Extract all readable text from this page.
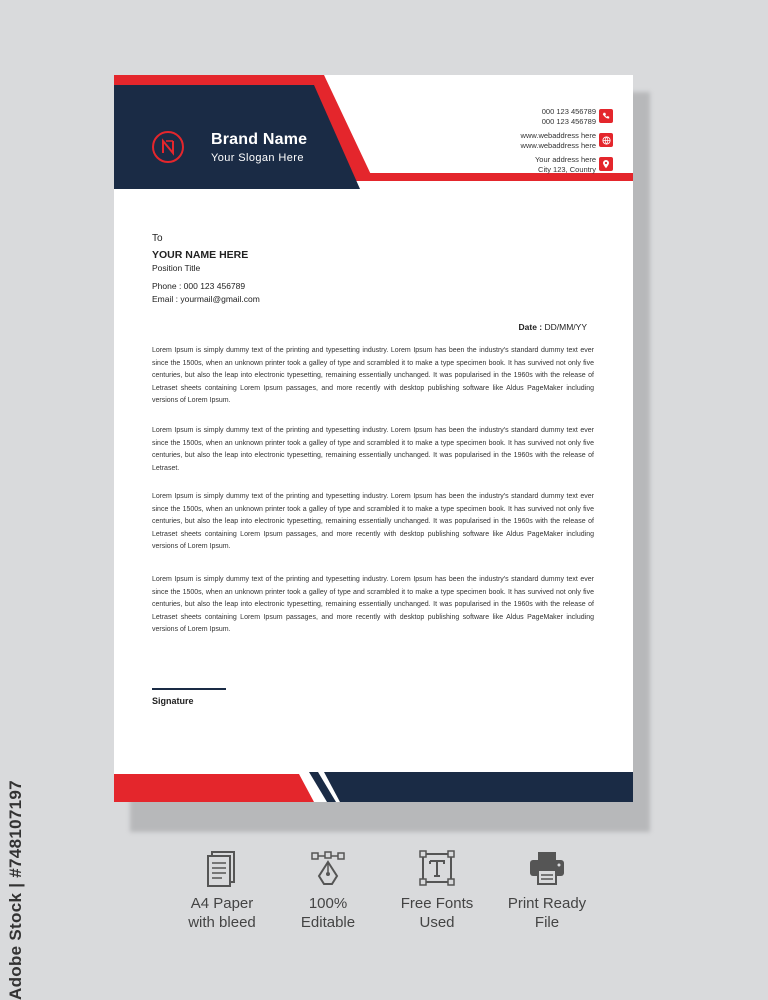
Brand Name
Your Slogan Here
000 123 456789
000 123 456789
www.webaddress here
www.webaddress here
Your address here
City 123, Country
To
YOUR NAME HERE
Position Title
Phone : 000 123 456789
Email : yourmail@gmail.com
Date : DD/MM/YY
Lorem Ipsum is simply dummy text of the printing and typesetting industry. Lorem Ipsum has been the industry's standard dummy text ever since the 1500s, when an unknown printer took a galley of type and scrambled it to make a type specimen book. It has survived not only five centuries, but also the leap into electronic typesetting, remaining essentially unchanged. It was popularised in the 1960s with the release of Letraset sheets containing Lorem Ipsum passages, and more recently with desktop publishing software like Aldus PageMaker including versions of Lorem Ipsum.
Lorem Ipsum is simply dummy text of the printing and typesetting industry. Lorem Ipsum has been the industry's standard dummy text ever since the 1500s, when an unknown printer took a galley of type and scrambled it to make a type specimen book. It has survived not only five centuries, but also the leap into electronic typesetting, remaining essentially unchanged. It was popularised in the 1960s with the release of Letraset.
Lorem Ipsum is simply dummy text of the printing and typesetting industry. Lorem Ipsum has been the industry's standard dummy text ever since the 1500s, when an unknown printer took a galley of type and scrambled it to make a type specimen book. It has survived not only five centuries, but also the leap into electronic typesetting, remaining essentially unchanged. It was popularised in the 1960s with the release of Letraset sheets containing Lorem Ipsum passages, and more recently with desktop publishing software like Aldus PageMaker including versions of Lorem Ipsum.
Lorem Ipsum is simply dummy text of the printing and typesetting industry. Lorem Ipsum has been the industry's standard dummy text ever since the 1500s, when an unknown printer took a galley of type and scrambled it to make a type specimen book. It has survived not only five centuries, but also the leap into electronic typesetting, remaining essentially unchanged. It was popularised in the 1960s with the release of Letraset sheets containing Lorem Ipsum passages, and more recently with desktop publishing software like Aldus PageMaker including versions of Lorem Ipsum.
Signature
A4 Paper
with bleed
100%
Editable
Free Fonts
Used
Print Ready
File
Adobe Stock | #748107197
